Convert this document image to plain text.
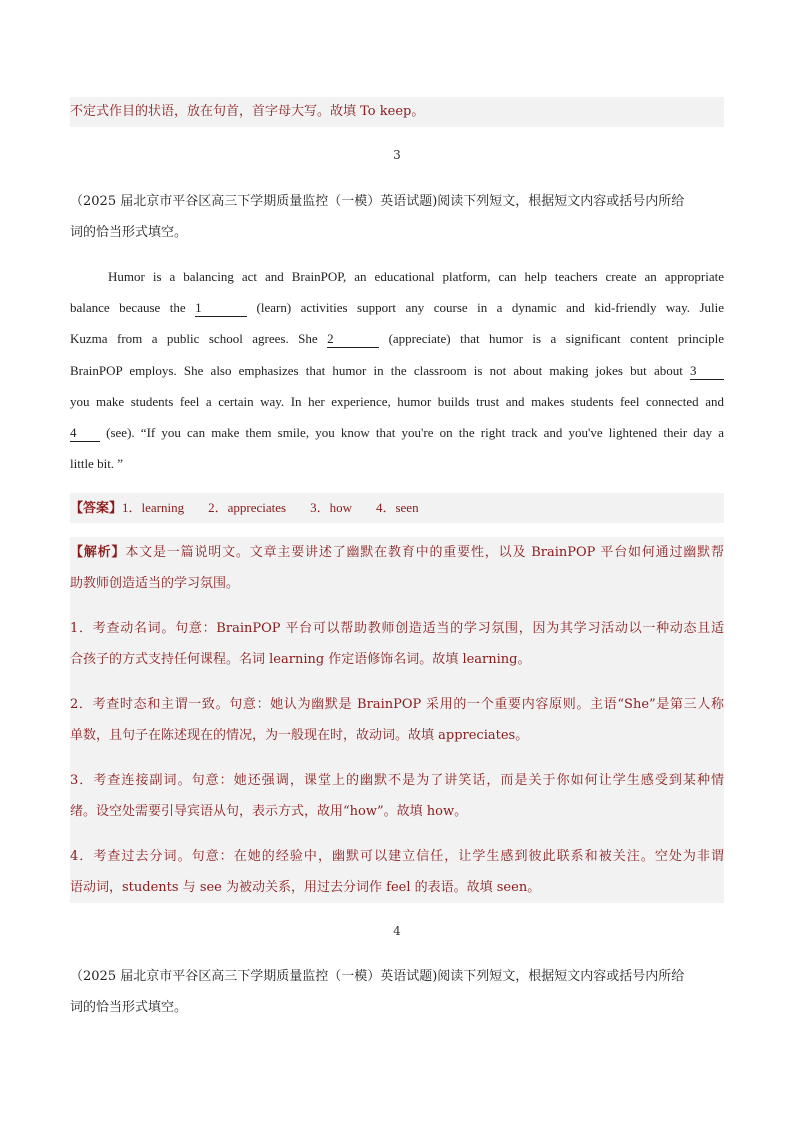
不定式作目的状语，放在句首，首字母大写。故填 To keep。
3
（2025 届北京市平谷区高三下学期质量监控（一模）英语试题)阅读下列短文，根据短文内容或括号内所给
词的恰当形式填空。
Humor is a balancing act and BrainPOP, an educational platform, can help teachers create an appropriate
balance because the 1	(learn) activities support any course in a dynamic and kid-friendly way. Julie
Kuzma from a public school agrees. She 2	(appreciate) that humor is a significant content principle
BrainPOP employs. She also emphasizes that humor in the classroom is not about making jokes but about 3
you make students feel a certain way. In her experience, humor builds trust and makes students feel connected and
4 (see). “If you can make them smile, you know that you're on the right track and you've lightened their day a
little bit. ”
【答案】1．learning 2．appreciates 3．how 4．seen
【解析】本文是一篇说明文。文章主要讲述了幽默在教育中的重要性，以及 BrainPOP 平台如何通过幽默帮
助教师创造适当的学习氛围。
1．考查动名词。句意：BrainPOP 平台可以帮助教师创造适当的学习氛围，因为其学习活动以一种动态且适
合孩子的方式支持任何课程。名词 learning 作定语修饰名词。故填 learning。
2．考查时态和主谓一致。句意：她认为幽默是 BrainPOP 采用的一个重要内容原则。主语“She”是第三人称
单数，且句子在陈述现在的情况，为一般现在时，故动词。故填 appreciates。
3．考查连接副词。句意：她还强调，课堂上的幽默不是为了讲笑话，而是关于你如何让学生感受到某种情
绪。设空处需要引导宾语从句，表示方式，故用“how”。故填 how。
4．考查过去分词。句意：在她的经验中，幽默可以建立信任，让学生感到彼此联系和被关注。空处为非谓
语动词，students 与 see 为被动关系，用过去分词作 feel 的表语。故填 seen。
4
（2025 届北京市平谷区高三下学期质量监控（一模）英语试题)阅读下列短文，根据短文内容或括号内所给
词的恰当形式填空。
